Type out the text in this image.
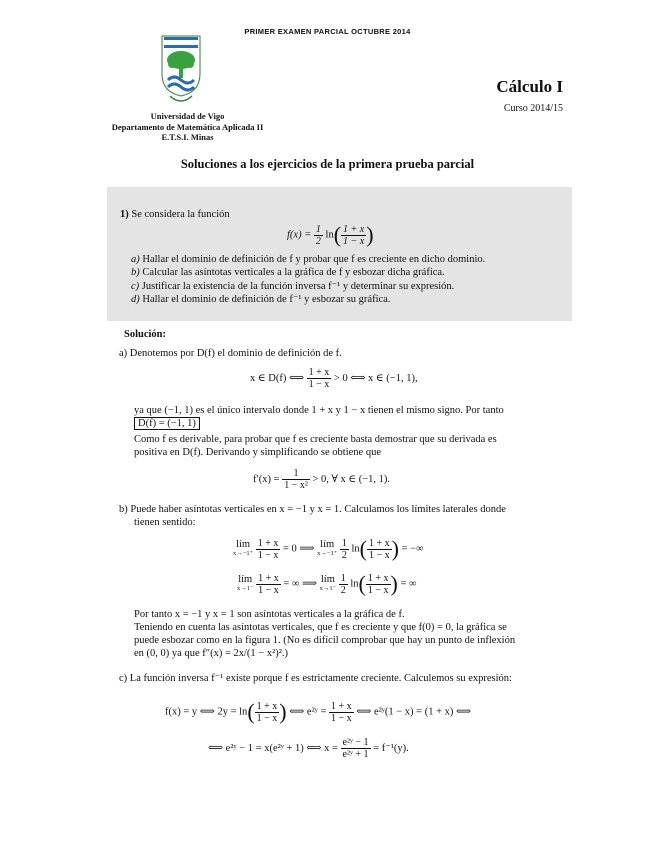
PRIMER EXAMEN PARCIAL OCTUBRE 2014
Universidad de Vigo
Departamento de Matemática Aplicada II
E.T.S.I. Minas
Cálculo I
Curso 2014/15
Soluciones a los ejercicios de la primera prueba parcial
1) Se considera la función
$f(x) = \frac{1}{2} \ln( \frac{1 + x}{1 - x}$ )
a) Hallar el dominio de definición de f y probar que f es creciente en dicho dominio.
b) Calcular las asíntotas verticales a la gráfica de f y esbozar dicha gráfica.
c) Justificar la existencia de la función inversa f⁻¹ y determinar su expresión.
d) Hallar el dominio de definición de f⁻¹ y esbozar su gráfica.
Solución:
a) Denotemos por D(f) el dominio de definición de f.
x ∈ D(f) ⟺ $\frac{1 + x}{1 - x} > 0$ ⟺ x ∈ (−1, 1),
ya que (−1, 1) es el único intervalo donde 1 + x y 1 − x tienen el mismo signo. Por tanto
D(f) = (−1, 1)
Como f es derivable, para probar que f es creciente basta demostrar que su derivada es
positiva en D(f). Derivando y simplificando se obtiene que
$f'(x) = \frac{1}{\text{1 − x²}} > 0$, ∀ x ∈ (−1, 1).
b) Puede haber asíntotas verticales en x = −1 y x = 1. Calculamos los límites laterales donde
tienen sentido:
lím
x→−1⁺
$\frac{1 + x}{1 - x} = 0$ ⟹ lím
x→−1⁺
$\frac{1}{2} \ln( \frac{1 + x}{1 - x}$ ) = −∞
lím
x→1⁻
$\frac{1 + x}{1 - x}$ = ∞ ⟹ lím
x→1⁻
$\frac{1}{2} \ln( \frac{1 + x}{1 - x}$ ) = ∞
Por tanto x = −1 y x = 1 son asíntotas verticales a la gráfica de f.
Teniendo en cuenta las asíntotas verticales, que f es creciente y que f(0) = 0, la gráfica se
puede esbozar como en la figura 1. (No es difícil comprobar que hay un punto de inflexión
en (0, 0) ya que f″(x) = 2x/(1 − x²)².)
c) La función inversa f⁻¹ existe porque f es estrictamente creciente. Calculemos su expresión:
f(x) = y ⟺ $2y = \ln( \frac{1 + x}{1 - x}$ ) ⟺ e²ʸ = $\frac{1 + x}{1 - x}$ ⟺ e²ʸ(1 − x) = (1 + x) ⟺
⟺ e²ʸ − 1 = x(e²ʸ + 1) ⟺ $x = \frac{\text{e²ʸ − 1}}{\text{e²ʸ + 1}} = f^{-1}(y)$.
